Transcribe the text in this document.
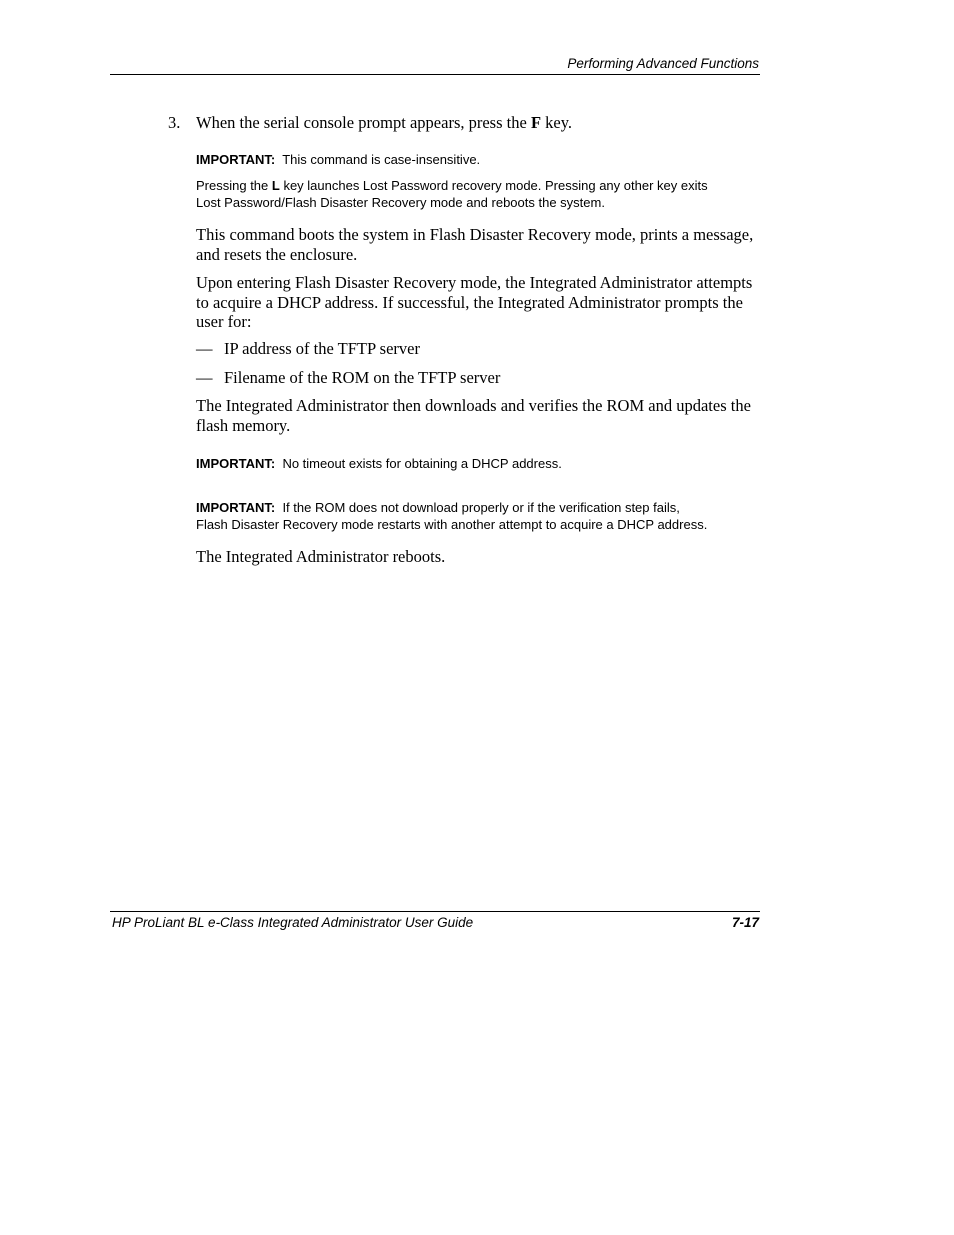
Performing Advanced Functions
3. When the serial console prompt appears, press the F key.
IMPORTANT: This command is case-insensitive.
Pressing the L key launches Lost Password recovery mode. Pressing any other key exits
Lost Password/Flash Disaster Recovery mode and reboots the system.
This command boots the system in Flash Disaster Recovery mode, prints a message, and resets the enclosure.
Upon entering Flash Disaster Recovery mode, the Integrated Administrator attempts to acquire a DHCP address. If successful, the Integrated Administrator prompts the user for:
— IP address of the TFTP server
— Filename of the ROM on the TFTP server
The Integrated Administrator then downloads and verifies the ROM and updates the flash memory.
IMPORTANT: No timeout exists for obtaining a DHCP address.
IMPORTANT: If the ROM does not download properly or if the verification step fails,
Flash Disaster Recovery mode restarts with another attempt to acquire a DHCP address.
The Integrated Administrator reboots.
HP ProLiant BL e-Class Integrated Administrator User Guide	7-17
